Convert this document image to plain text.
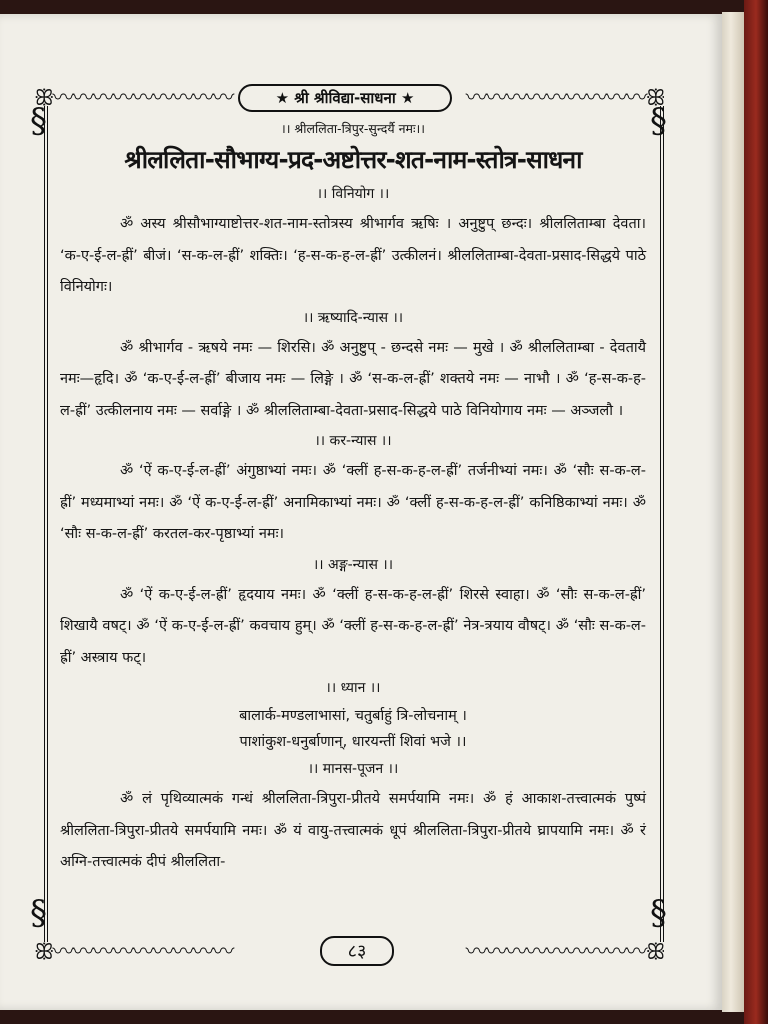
ꕥ〰〰〰〰〰〰〰〰〰	〰〰〰〰〰〰〰〰〰ꕥ
ꕥ〰〰〰〰〰〰〰〰〰	〰〰〰〰〰〰〰〰〰ꕥ
§	§
§	§
★ श्री श्रीविद्या-साधना ★
।। श्रीललिता-त्रिपुर-सुन्दर्यै नमः।।
श्रीललिता-सौभाग्य-प्रद-अष्टोत्तर-शत-नाम-स्तोत्र-साधना
।। विनियोग ।।

ॐ अस्य श्रीसौभाग्याष्टोत्तर-शत-नाम-स्तोत्रस्य श्रीभार्गव ऋषिः । अनुष्टुप् छन्दः। श्रीललिताम्बा देवता। ‘क-ए-ई-ल-ह्रीं’ बीजं। ‘स-क-ल-ह्रीं’ शक्तिः। ‘ह-स-क-ह-ल-ह्रीं’ उत्कीलनं। श्रीललिताम्बा-देवता-प्रसाद-सिद्धये पाठे विनियोगः।

।। ऋष्यादि-न्यास ।।

ॐ श्रीभार्गव - ऋषये नमः — शिरसि। ॐ अनुष्टुप् - छन्दसे नमः — मुखे । ॐ श्रीललिताम्बा - देवतायै नमः—हृदि। ॐ ‘क-ए-ई-ल-ह्रीं’ बीजाय नमः — लिङ्गे । ॐ ‘स-क-ल-ह्रीं’ शक्तये नमः — नाभौ । ॐ ‘ह-स-क-ह-ल-ह्रीं’ उत्कीलनाय नमः — सर्वाङ्गे । ॐ श्रीललिताम्बा-देवता-प्रसाद-सिद्धये पाठे विनियोगाय नमः — अञ्जलौ ।

।। कर-न्यास ।।

ॐ ‘ऐं क-ए-ई-ल-ह्रीं’ अंगुष्ठाभ्यां नमः। ॐ ‘क्लीं ह-स-क-ह-ल-ह्रीं’ तर्जनीभ्यां नमः। ॐ ‘सौः स-क-ल-ह्रीं’ मध्यमाभ्यां नमः। ॐ ‘ऐं क-ए-ई-ल-ह्रीं’ अनामिकाभ्यां नमः। ॐ ‘क्लीं ह-स-क-ह-ल-ह्रीं’ कनिष्ठिकाभ्यां नमः। ॐ ‘सौः स-क-ल-ह्रीं’ करतल-कर-पृष्ठाभ्यां नमः।

।। अङ्ग-न्यास ।।

ॐ ‘ऐं क-ए-ई-ल-ह्रीं’ हृदयाय नमः। ॐ ‘क्लीं ह-स-क-ह-ल-ह्रीं’ शिरसे स्वाहा। ॐ ‘सौः स-क-ल-ह्रीं’ शिखायै वषट्। ॐ ‘ऐं क-ए-ई-ल-ह्रीं’ कवचाय हुम्। ॐ ‘क्लीं ह-स-क-ह-ल-ह्रीं’ नेत्र-त्रयाय वौषट्। ॐ ‘सौः स-क-ल-ह्रीं’ अस्त्राय फट्।

।। ध्यान ।।
बालार्क-मण्डलाभासां, चतुर्बाहुं त्रि-लोचनाम् ।
पाशांकुश-धनुर्बाणान्, धारयन्तीं शिवां भजे ।।
।। मानस-पूजन ।।

ॐ लं पृथिव्यात्मकं गन्धं श्रीललिता-त्रिपुरा-प्रीतये समर्पयामि नमः। ॐ हं आकाश-तत्त्वात्मकं पुष्पं श्रीललिता-त्रिपुरा-प्रीतये समर्पयामि नमः। ॐ यं वायु-तत्त्वात्मकं धूपं श्रीललिता-त्रिपुरा-प्रीतये घ्रापयामि नमः। ॐ रं अग्नि-तत्त्वात्मकं दीपं श्रीललिता-

८३
